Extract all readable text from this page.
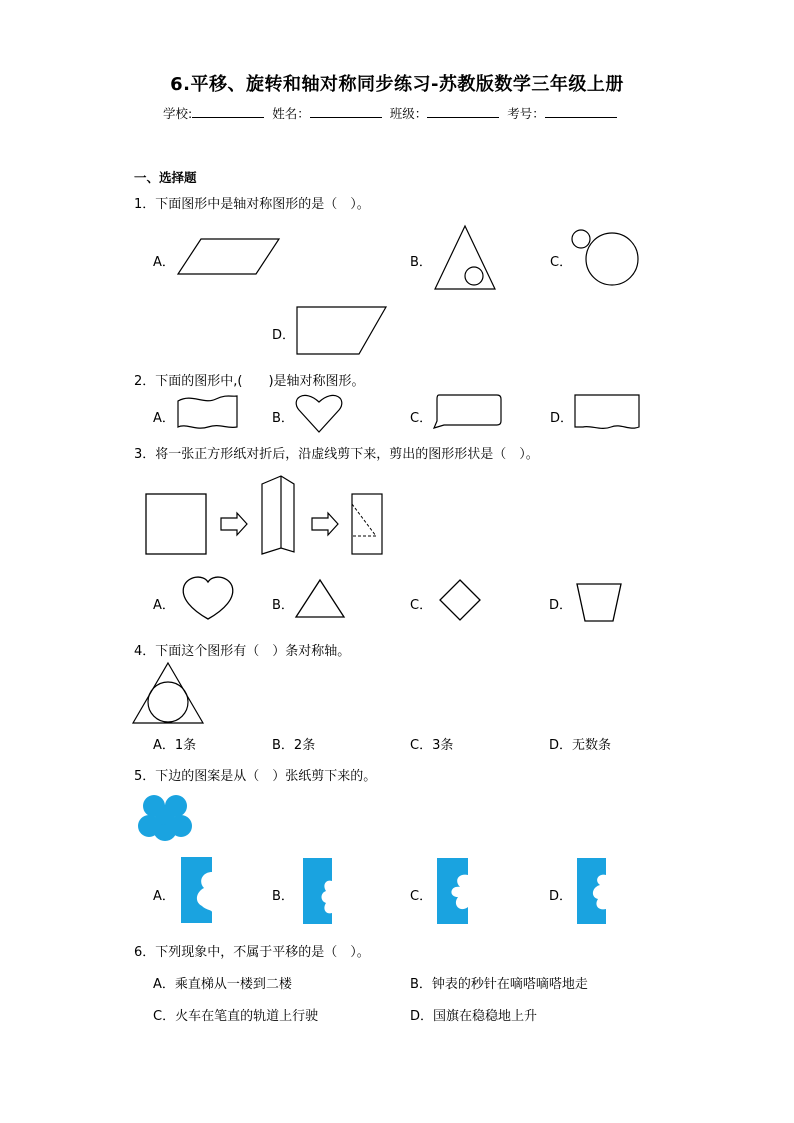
6.平移、旋转和轴对称同步练习-苏教版数学三年级上册
学校:	姓名：	班级：	考号：
一、选择题
1．下面图形中是轴对称图形的是（　）。
A．	B．	C．
D．
2．下面的图形中,(　　)是轴对称图形。
A．	B．	C．	D．
3．将一张正方形纸对折后，沿虚线剪下来，剪出的图形形状是（　）。
A．	B．	C．	D．
4．下面这个图形有（　）条对称轴。
A．1条	B．2条	C．3条	D．无数条
5．下边的图案是从（　）张纸剪下来的。
A．	B．	C．	D．
6．下列现象中，不属于平移的是（　）。
A．乘直梯从一楼到二楼	B．钟表的秒针在嘀嗒嘀嗒地走
C．火车在笔直的轨道上行驶	D．国旗在稳稳地上升
